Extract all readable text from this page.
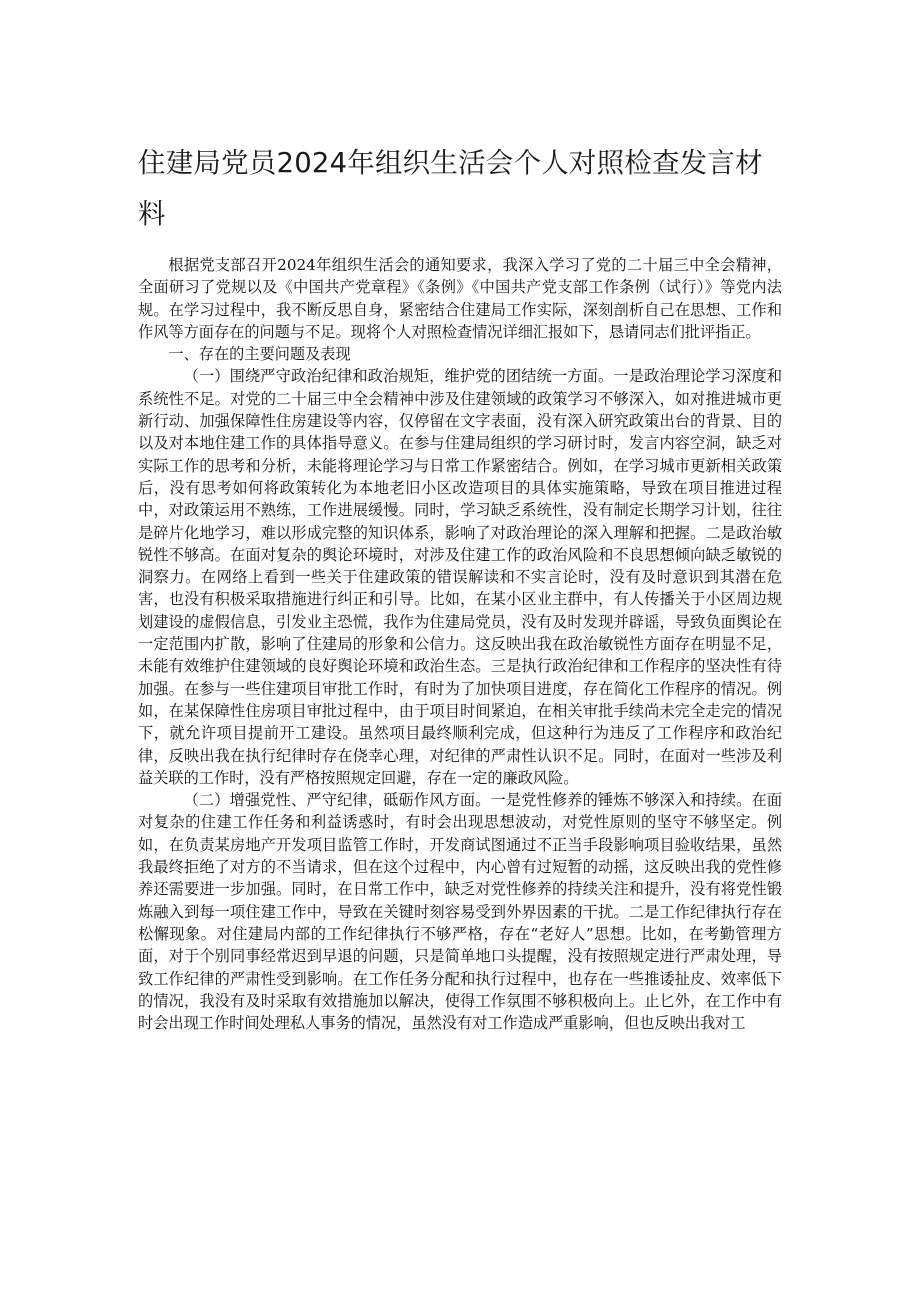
住建局党员2024年组织生活会个人对照检查发言材料

根据党支部召开2024年组织生活会的通知要求，我深入学习了党的二十届三中全会精神，全面研习了党规以及《中国共产党章程》《条例》《中国共产党支部工作条例（试行）》等党内法规。在学习过程中，我不断反思自身，紧密结合住建局工作实际，深刻剖析自己在思想、工作和作风等方面存在的问题与不足。现将个人对照检查情况详细汇报如下，恳请同志们批评指正。

一、存在的主要问题及表现

（一）围绕严守政治纪律和政治规矩，维护党的团结统一方面。一是政治理论学习深度和系统性不足。对党的二十届三中全会精神中涉及住建领域的政策学习不够深入，如对推进城市更新行动、加强保障性住房建设等内容，仅停留在文字表面，没有深入研究政策出台的背景、目的以及对本地住建工作的具体指导意义。在参与住建局组织的学习研讨时，发言内容空洞，缺乏对实际工作的思考和分析，未能将理论学习与日常工作紧密结合。例如，在学习城市更新相关政策后，没有思考如何将政策转化为本地老旧小区改造项目的具体实施策略，导致在项目推进过程中，对政策运用不熟练，工作进展缓慢。同时，学习缺乏系统性，没有制定长期学习计划，往往是碎片化地学习，难以形成完整的知识体系，影响了对政治理论的深入理解和把握。二是政治敏锐性不够高。在面对复杂的舆论环境时，对涉及住建工作的政治风险和不良思想倾向缺乏敏锐的洞察力。在网络上看到一些关于住建政策的错误解读和不实言论时，没有及时意识到其潜在危害，也没有积极采取措施进行纠正和引导。比如，在某小区业主群中，有人传播关于小区周边规划建设的虚假信息，引发业主恐慌，我作为住建局党员，没有及时发现并辟谣，导致负面舆论在一定范围内扩散，影响了住建局的形象和公信力。这反映出我在政治敏锐性方面存在明显不足，未能有效维护住建领域的良好舆论环境和政治生态。三是执行政治纪律和工作程序的坚决性有待加强。在参与一些住建项目审批工作时，有时为了加快项目进度，存在简化工作程序的情况。例如，在某保障性住房项目审批过程中，由于项目时间紧迫，在相关审批手续尚未完全走完的情况下，就允许项目提前开工建设。虽然项目最终顺利完成，但这种行为违反了工作程序和政治纪律，反映出我在执行纪律时存在侥幸心理，对纪律的严肃性认识不足。同时，在面对一些涉及利益关联的工作时，没有严格按照规定回避，存在一定的廉政风险。

（二）增强党性、严守纪律，砥砺作风方面。一是党性修养的锤炼不够深入和持续。在面对复杂的住建工作任务和利益诱惑时，有时会出现思想波动，对党性原则的坚守不够坚定。例如，在负责某房地产开发项目监管工作时，开发商试图通过不正当手段影响项目验收结果，虽然我最终拒绝了对方的不当请求，但在这个过程中，内心曾有过短暂的动摇，这反映出我的党性修养还需要进一步加强。同时，在日常工作中，缺乏对党性修养的持续关注和提升，没有将党性锻炼融入到每一项住建工作中，导致在关键时刻容易受到外界因素的干扰。二是工作纪律执行存在松懈现象。对住建局内部的工作纪律执行不够严格，存在“老好人”思想。比如，在考勤管理方面，对于个别同事经常迟到早退的问题，只是简单地口头提醒，没有按照规定进行严肃处理，导致工作纪律的严肃性受到影响。在工作任务分配和执行过程中，也存在一些推诿扯皮、效率低下的情况，我没有及时采取有效措施加以解决，使得工作氛围不够积极向上。止匕外，在工作中有时会出现工作时间处理私人事务的情况，虽然没有对工作造成严重影响，但也反映出我对工
